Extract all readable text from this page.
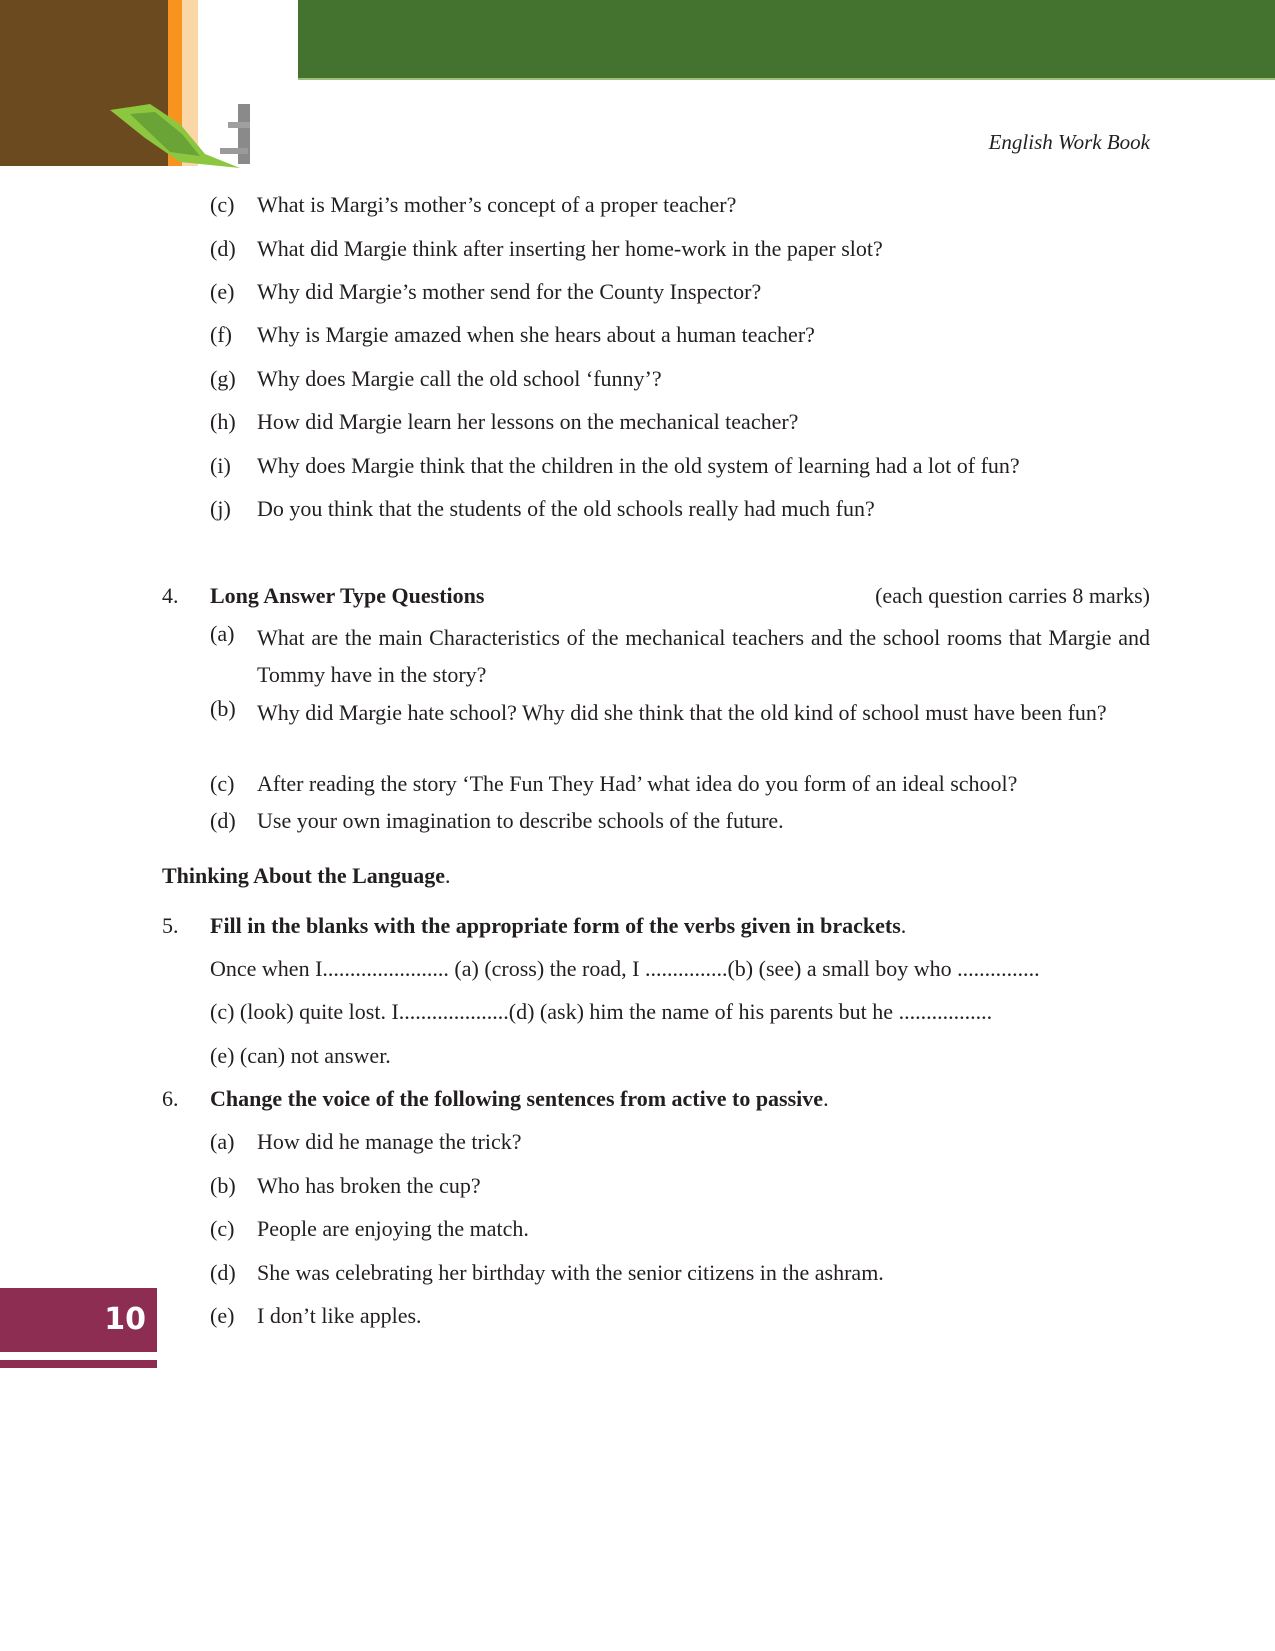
English Work Book
(c) What is Margi’s mother’s concept of a proper teacher?
(d) What did Margie think after inserting her home-work in the paper slot?
(e) Why did Margie’s mother send for the County Inspector?
(f) Why is Margie amazed when she hears about a human teacher?
(g) Why does Margie call the old school ‘funny’?
(h) How did Margie learn her lessons on the mechanical teacher?
(i) Why does Margie think that the children in the old system of learning had a lot of fun?
(j) Do you think that the students of the old schools really had much fun?
4. Long Answer Type Questions	(each question carries 8 marks)
(a) What are the main Characteristics of the mechanical teachers and the school rooms that Margie and Tommy have in the story?
(b) Why did Margie hate school? Why did she think that the old kind of school must have been fun?
(c) After reading the story ‘The Fun They Had’ what idea do you form of an ideal school?
(d) Use your own imagination to describe schools of the future.
Thinking About the Language.
5. Fill in the blanks with the appropriate form of the verbs given in brackets.
Once when I....................... (a) (cross) the road, I ...............(b) (see) a small boy who ...............
(c) (look) quite lost. I....................(d) (ask) him the name of his parents but he .................
(e) (can) not answer.
6. Change the voice of the following sentences from active to passive.
(a) How did he manage the trick?
(b) Who has broken the cup?
(c) People are enjoying the match.
(d) She was celebrating her birthday with the senior citizens in the ashram.
(e) I don’t like apples.
10
